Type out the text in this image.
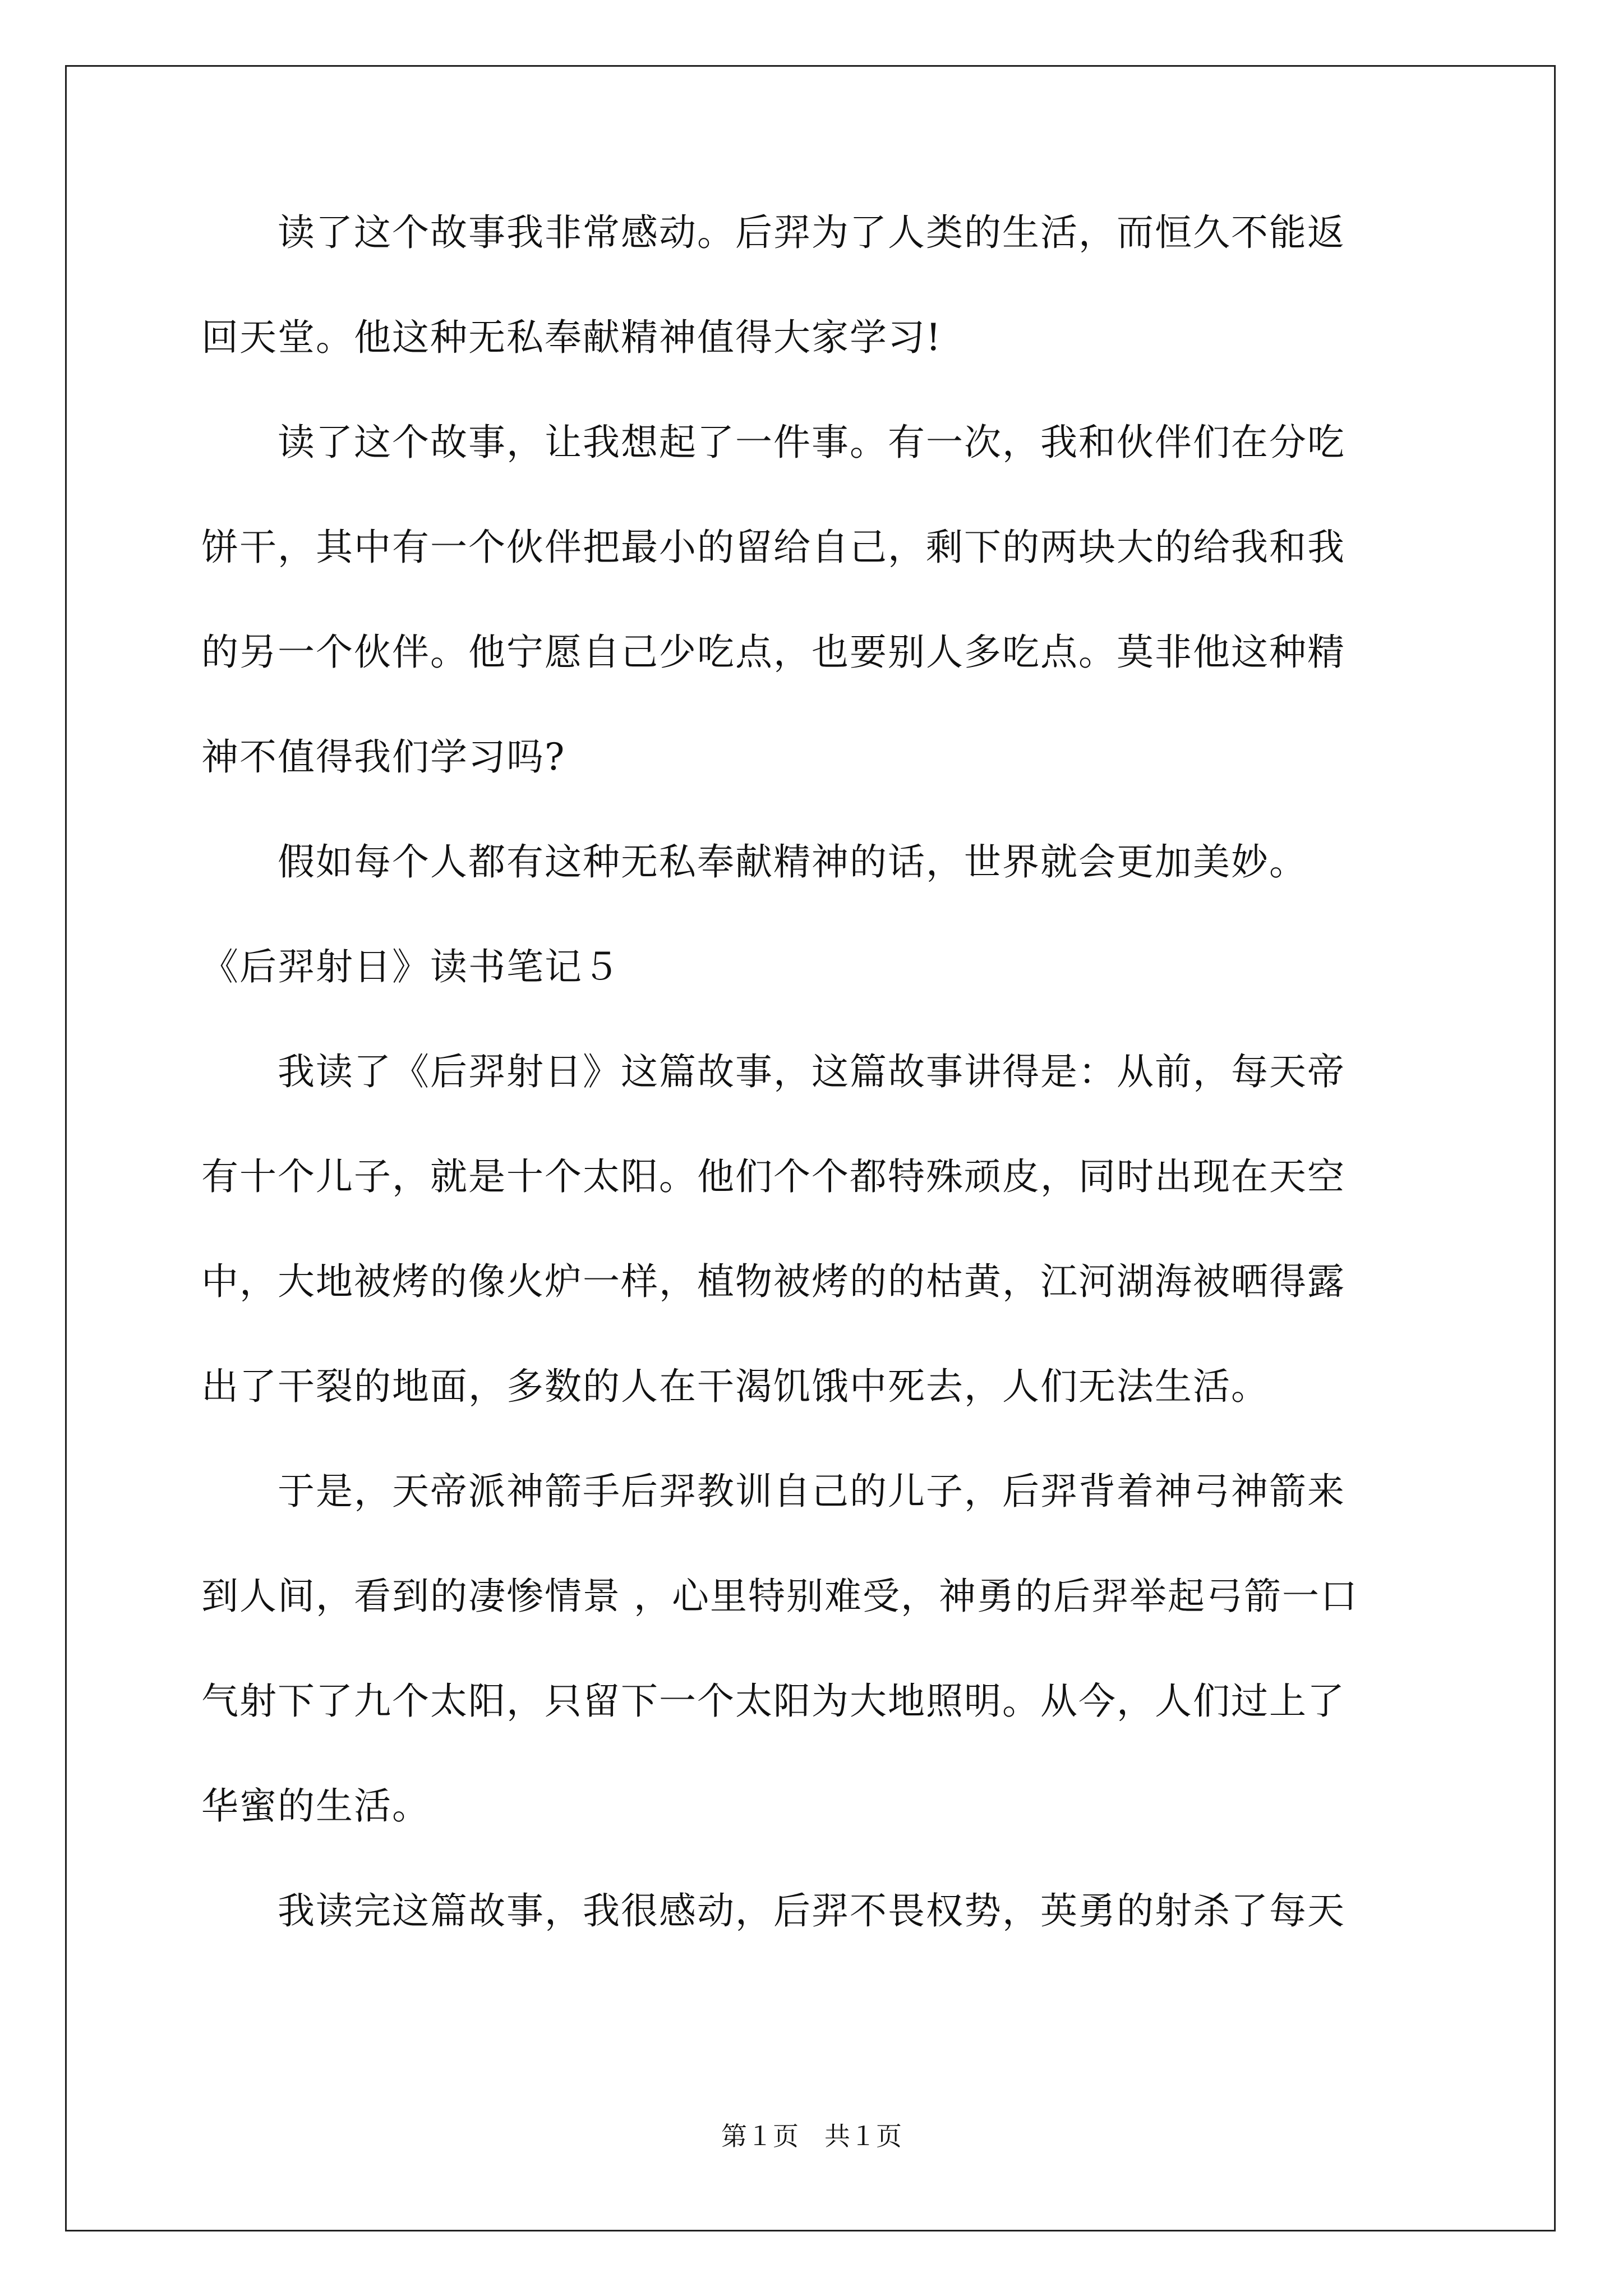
　　读了这个故事我非常感动。后羿为了人类的生活，而恒久不能返
回天堂。他这种无私奉献精神值得大家学习!
　　读了这个故事，让我想起了一件事。有一次，我和伙伴们在分吃
饼干，其中有一个伙伴把最小的留给自己，剩下的两块大的给我和我
的另一个伙伴。他宁愿自己少吃点，也要别人多吃点。莫非他这种精
神不值得我们学习吗?
　　假如每个人都有这种无私奉献精神的话，世界就会更加美妙。
《后羿射日》读书笔记５
　　我读了《后羿射日》这篇故事，这篇故事讲得是：从前，每天帝
有十个儿子，就是十个太阳。他们个个都特殊顽皮，同时出现在天空
中，大地被烤的像火炉一样，植物被烤的的枯黄，江河湖海被晒得露
出了干裂的地面，多数的人在干渴饥饿中死去，人们无法生活。
　　于是，天帝派神箭手后羿教训自己的儿子，后羿背着神弓神箭来
到人间，看到的凄惨情景 ，心里特别难受，神勇的后羿举起弓箭一口
气射下了九个太阳，只留下一个太阳为大地照明。从今，人们过上了
华蜜的生活。
　　我读完这篇故事，我很感动，后羿不畏权势，英勇的射杀了每天
第１页　共１页
